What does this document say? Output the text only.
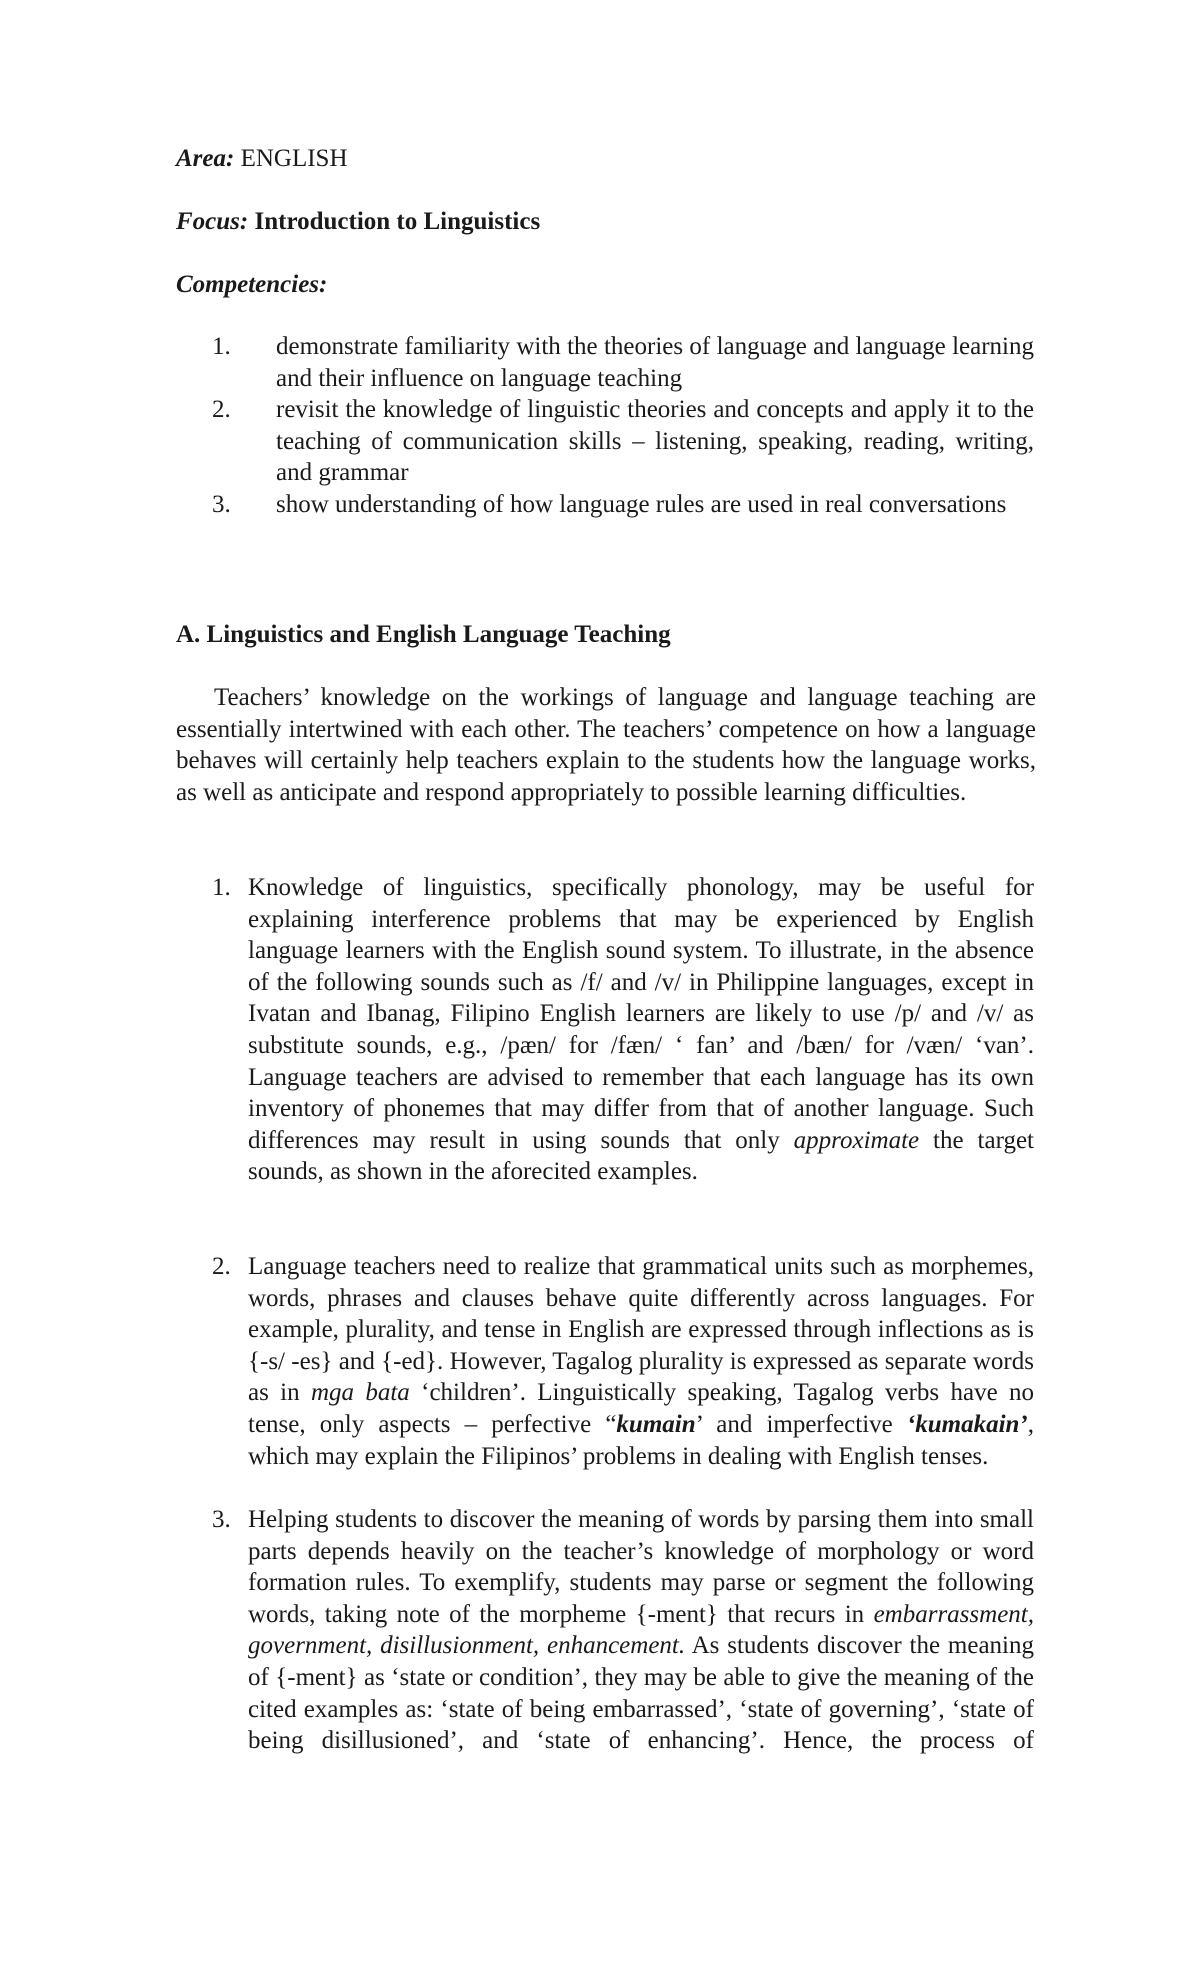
Area: ENGLISH
Focus: Introduction to Linguistics
Competencies:
1.	demonstrate familiarity with the theories of language and language learning and their influence on language teaching
2.	revisit the knowledge of linguistic theories and concepts and apply it to the teaching of communication skills – listening, speaking, reading, writing, and grammar
3.	show understanding of how language rules are used in real conversations
A. Linguistics and English Language Teaching
Teachers’ knowledge on the workings of language and language teaching are essentially intertwined with each other. The teachers’ competence on how a language behaves will certainly help teachers explain to the students how the language works, as well as anticipate and respond appropriately to possible learning difficulties.
1. Knowledge of linguistics, specifically phonology, may be useful for explaining interference problems that may be experienced by English language learners with the English sound system. To illustrate, in the absence of the following sounds such as /f/ and /v/ in Philippine languages, except in Ivatan and Ibanag, Filipino English learners are likely to use /p/ and /v/ as substitute sounds, e.g., /pæn/ for /fæn/ ‘ fan’ and /bæn/ for /væn/ ‘van’. Language teachers are advised to remember that each language has its own inventory of phonemes that may differ from that of another language. Such differences may result in using sounds that only approximate the target sounds, as shown in the aforecited examples.
2. Language teachers need to realize that grammatical units such as morphemes, words, phrases and clauses behave quite differently across languages. For example, plurality, and tense in English are expressed through inflections as is {-s/ -es} and {-ed}. However, Tagalog plurality is expressed as separate words as in mga bata ‘children’. Linguistically speaking, Tagalog verbs have no tense, only aspects – perfective “kumain’ and imperfective ‘kumakain’, which may explain the Filipinos’ problems in dealing with English tenses.
3. Helping students to discover the meaning of words by parsing them into small parts depends heavily on the teacher’s knowledge of morphology or word formation rules. To exemplify, students may parse or segment the following words, taking note of the morpheme {-ment} that recurs in embarrassment, government, disillusionment, enhancement. As students discover the meaning of {-ment} as ‘state or condition’, they may be able to give the meaning of the cited examples as: ‘state of being embarrassed’, ‘state of governing’, ‘state of being disillusioned’, and ‘state of enhancing’. Hence, the process of
